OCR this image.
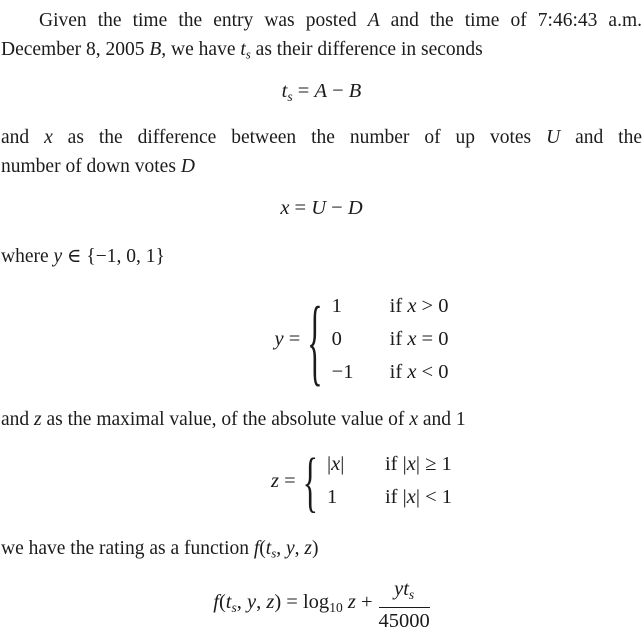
Given the time the entry was posted A and the time of 7:46:43 a.m.
December 8, 2005 B, we have ts as their difference in seconds
ts = A − B
and x as the difference between the number of up votes U and the
number of down votes D
x = U − D
where y ∈ {−1, 0, 1}
y = { 1 if x > 0
0 if x = 0
−1 if x < 0
and z as the maximal value, of the absolute value of x and 1
z = { |x| if |x| ≥ 1
1 if |x| < 1
we have the rating as a function f(ts, y, z)
f(ts, y, $z) = \log_{10} z + \frac{\text{yts}}{45000}$
